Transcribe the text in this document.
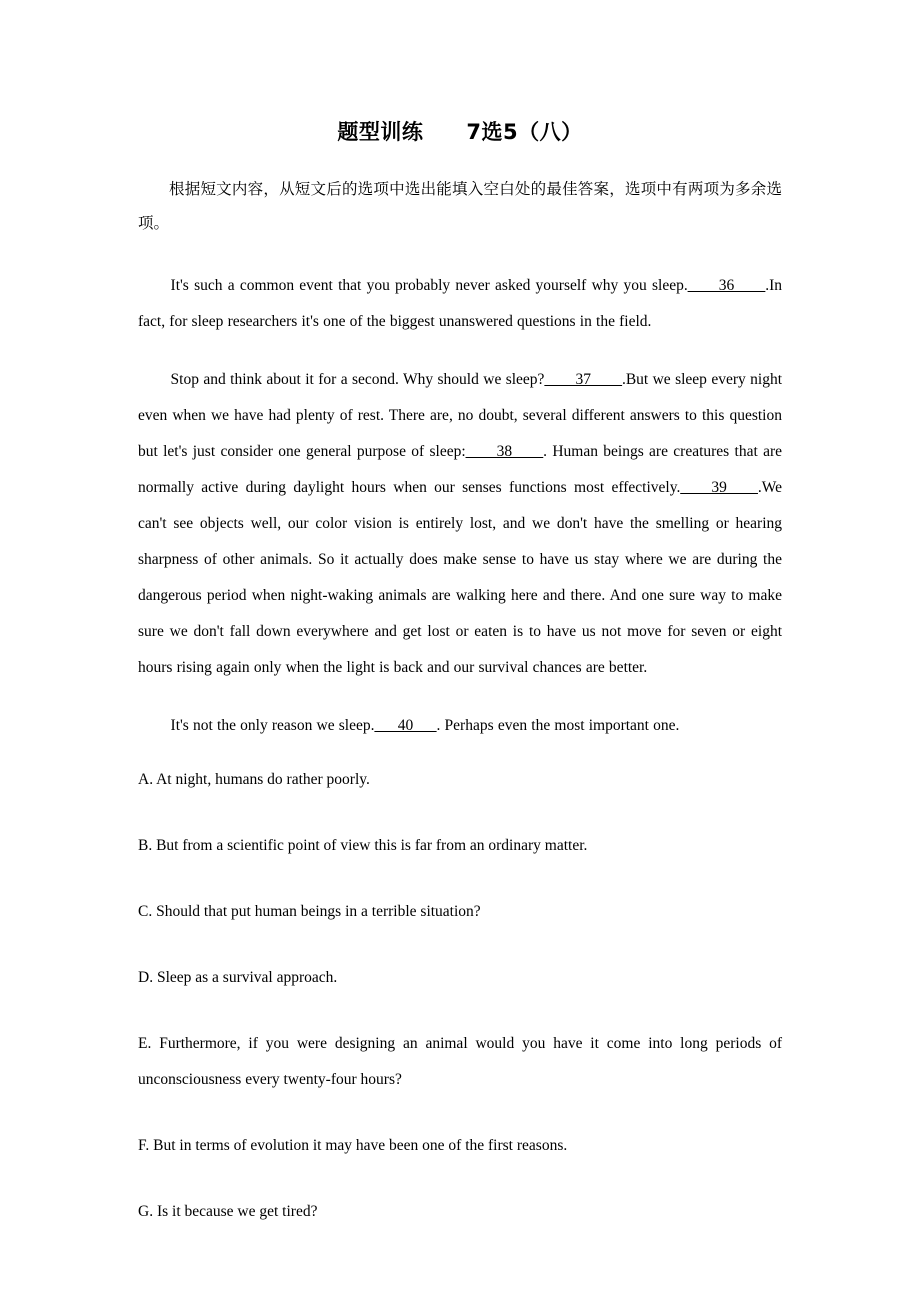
题型训练　　7选5（八）

根据短文内容，从短文后的选项中选出能填入空白处的最佳答案，选项中有两项为多余选项。

It's such a common event that you probably never asked yourself why you sleep.____36____.In fact, for sleep researchers it's one of the biggest unanswered questions in the field.

Stop and think about it for a second. Why should we sleep?____37____.But we sleep every night even when we have had plenty of rest. There are, no doubt, several different answers to this question but let's just consider one general purpose of sleep:____38____. Human beings are creatures that are normally active during daylight hours when our senses functions most effectively.____39____.We can't see objects well, our color vision is entirely lost, and we don't have the smelling or hearing sharpness of other animals. So it actually does make sense to have us stay where we are during the dangerous period when night-waking animals are walking here and there. And one sure way to make sure we don't fall down everywhere and get lost or eaten is to have us not move for seven or eight hours rising again only when the light is back and our survival chances are better.

It's not the only reason we sleep.___40___. Perhaps even the most important one.

A. At night, humans do rather poorly.

B. But from a scientific point of view this is far from an ordinary matter.

C. Should that put human beings in a terrible situation?

D. Sleep as a survival approach.

E. Furthermore, if you were designing an animal would you have it come into long periods of unconsciousness every twenty-four hours?

F. But in terms of evolution it may have been one of the first reasons.

G. Is it because we get tired?
